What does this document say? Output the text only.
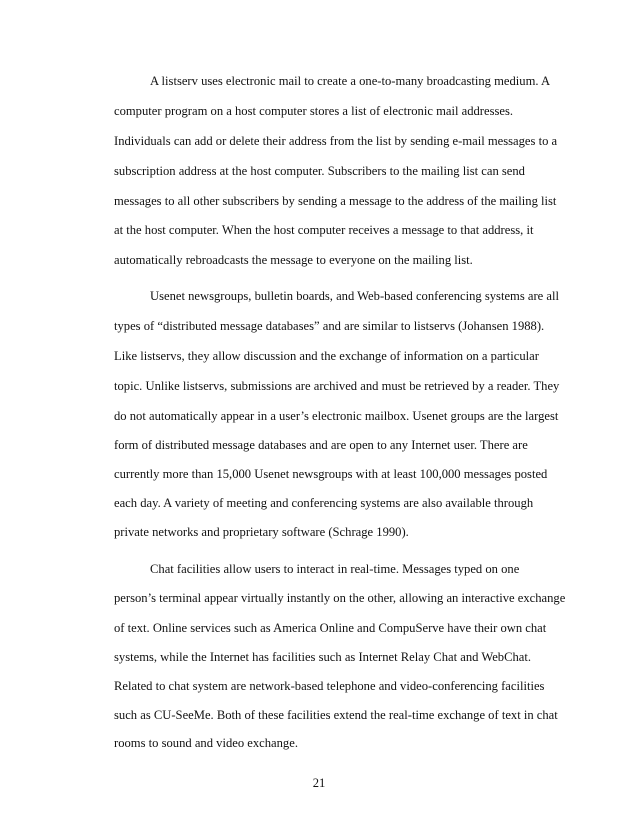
A listserv uses electronic mail to create a one-to-many broadcasting medium. A

computer program on a host computer stores a list of electronic mail addresses.

Individuals can add or delete their address from the list by sending e-mail messages to a

subscription address at the host computer. Subscribers to the mailing list can send

messages to all other subscribers by sending a message to the address of the mailing list

at the host computer. When the host computer receives a message to that address, it

automatically rebroadcasts the message to everyone on the mailing list.

Usenet newsgroups, bulletin boards, and Web-based conferencing systems are all

types of “distributed message databases” and are similar to listservs (Johansen 1988).

Like listservs, they allow discussion and the exchange of information on a particular

topic. Unlike listservs, submissions are archived and must be retrieved by a reader. They

do not automatically appear in a user’s electronic mailbox. Usenet groups are the largest

form of distributed message databases and are open to any Internet user. There are

currently more than 15,000 Usenet newsgroups with at least 100,000 messages posted

each day. A variety of meeting and conferencing systems are also available through

private networks and proprietary software (Schrage 1990).

Chat facilities allow users to interact in real-time. Messages typed on one

person’s terminal appear virtually instantly on the other, allowing an interactive exchange

of text. Online services such as America Online and CompuServe have their own chat

systems, while the Internet has facilities such as Internet Relay Chat and WebChat.

Related to chat system are network-based telephone and video-conferencing facilities

such as CU-SeeMe. Both of these facilities extend the real-time exchange of text in chat

rooms to sound and video exchange.

21
